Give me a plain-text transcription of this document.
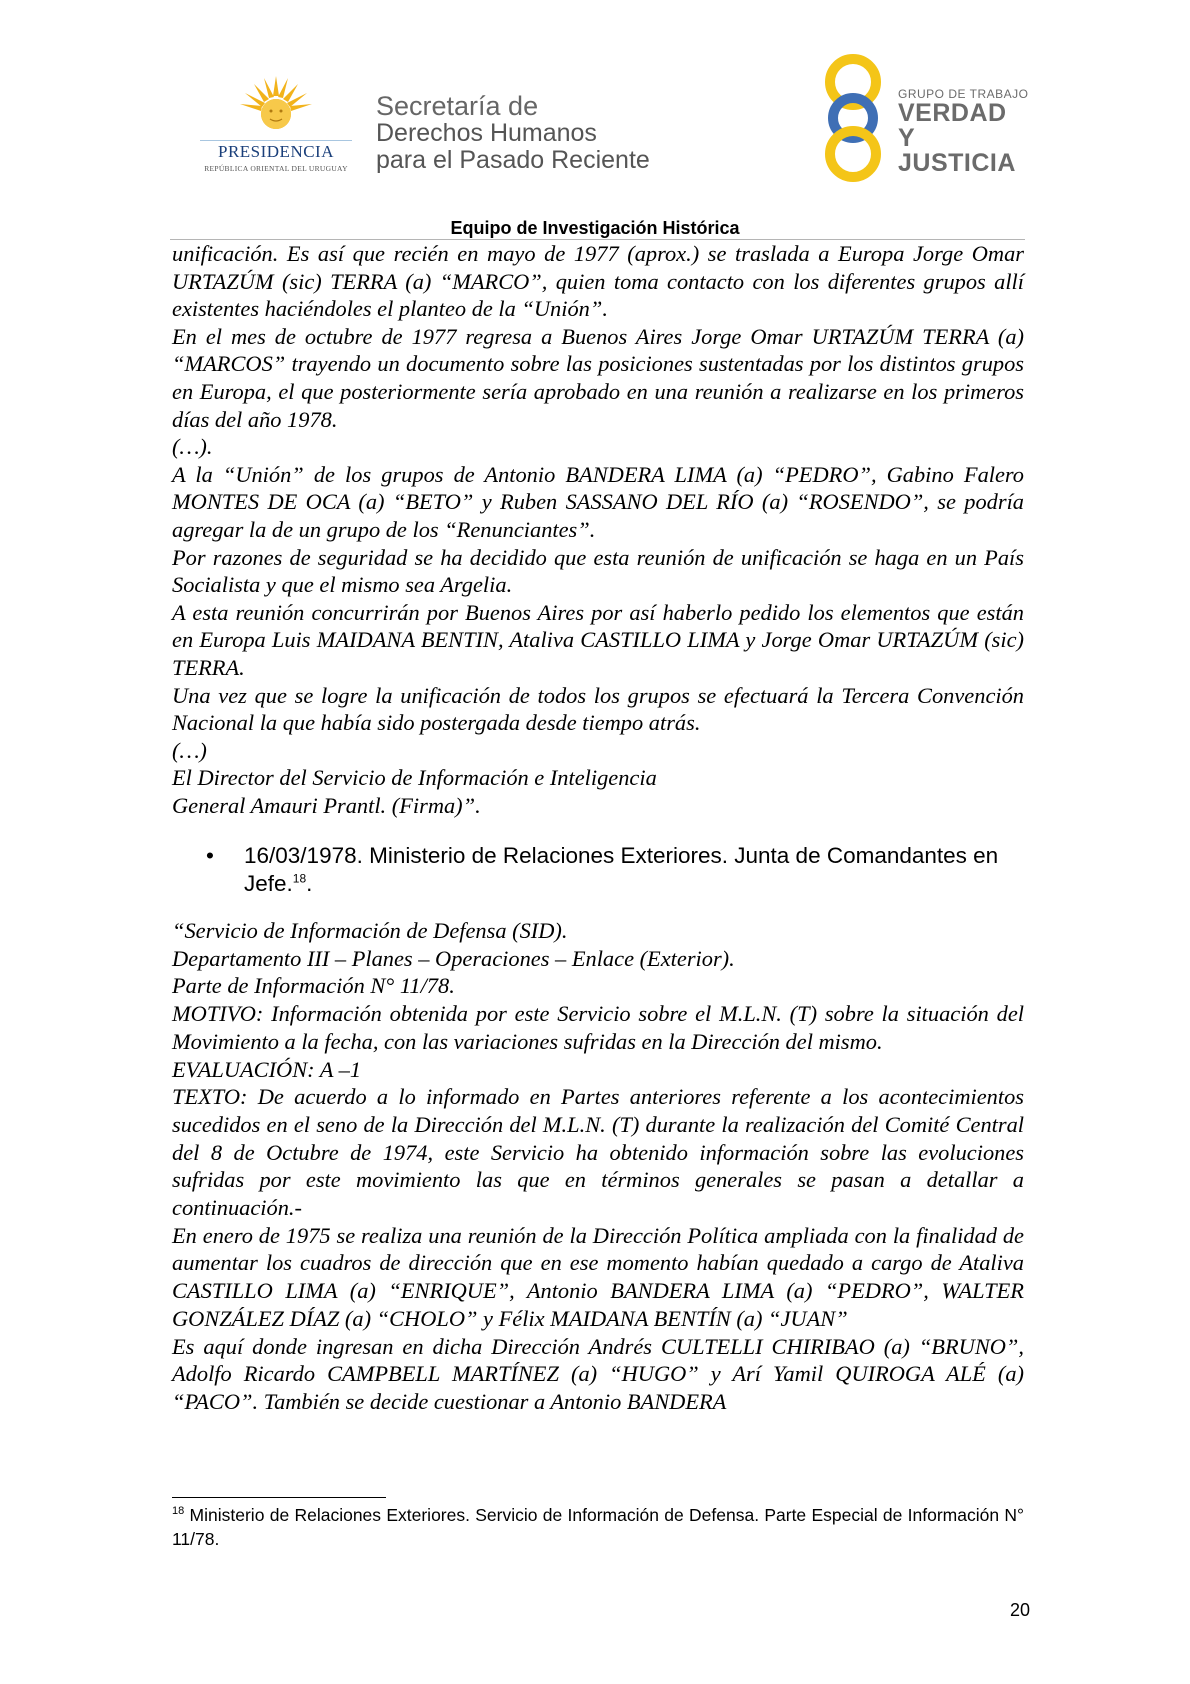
PRESIDENCIA
REPÚBLICA ORIENTAL DEL URUGUAY
Secretaría de
Derechos Humanos
para el Pasado Reciente
GRUPO DE TRABAJO
VERDAD Y
JUSTICIA
Equipo de Investigación Histórica

unificación. Es así que recién en mayo de 1977 (aprox.) se traslada a Europa Jorge Omar URTAZÚM (sic) TERRA (a) “MARCO”, quien toma contacto con los diferentes grupos allí existentes haciéndoles el planteo de la “Unión”.

En el mes de octubre de 1977 regresa a Buenos Aires Jorge Omar URTAZÚM TERRA (a) “MARCOS” trayendo un documento sobre las posiciones sustentadas por los distintos grupos en Europa, el que posteriormente sería aprobado en una reunión a realizarse en los primeros días del año 1978.

(…).

A la “Unión” de los grupos de Antonio BANDERA LIMA (a) “PEDRO”, Gabino Falero MONTES DE OCA (a) “BETO” y Ruben SASSANO DEL RÍO (a) “ROSENDO”, se podría agregar la de un grupo de los “Renunciantes”.

Por razones de seguridad se ha decidido que esta reunión de unificación se haga en un País Socialista y que el mismo sea Argelia.

A esta reunión concurrirán por Buenos Aires por así haberlo pedido los elementos que están en Europa Luis MAIDANA BENTIN, Ataliva CASTILLO LIMA y Jorge Omar URTAZÚM (sic) TERRA.

Una vez que se logre la unificación de todos los grupos se efectuará la Tercera Convención Nacional la que había sido postergada desde tiempo atrás.

(…)

El Director del Servicio de Información e Inteligencia

General Amauri Prantl. (Firma)”.

• 16/03/1978. Ministerio de Relaciones Exteriores. Junta de Comandantes en Jefe.$^{18}$.

“Servicio de Información de Defensa (SID).

Departamento III – Planes – Operaciones – Enlace (Exterior).

Parte de Información N° 11/78.

MOTIVO: Información obtenida por este Servicio sobre el M.L.N. (T) sobre la situación del Movimiento a la fecha, con las variaciones sufridas en la Dirección del mismo.

EVALUACIÓN: A –1

TEXTO: De acuerdo a lo informado en Partes anteriores referente a los acontecimientos sucedidos en el seno de la Dirección del M.L.N. (T) durante la realización del Comité Central del 8 de Octubre de 1974, este Servicio ha obtenido información sobre las evoluciones sufridas por este movimiento las que en términos generales se pasan a detallar a continuación.-

En enero de 1975 se realiza una reunión de la Dirección Política ampliada con la finalidad de aumentar los cuadros de dirección que en ese momento habían quedado a cargo de Ataliva CASTILLO LIMA (a) “ENRIQUE”, Antonio BANDERA LIMA (a) “PEDRO”, WALTER GONZÁLEZ DÍAZ (a) “CHOLO” y Félix MAIDANA BENTÍN (a) “JUAN”

Es aquí donde ingresan en dicha Dirección Andrés CULTELLI CHIRIBAO (a) “BRUNO”, Adolfo Ricardo CAMPBELL MARTÍNEZ (a) “HUGO” y Arí Yamil QUIROGA ALÉ (a) “PACO”. También se decide cuestionar a Antonio BANDERA

$^{18}$ Ministerio de Relaciones Exteriores. Servicio de Información de Defensa. Parte Especial de Información N° 11/78.
20
